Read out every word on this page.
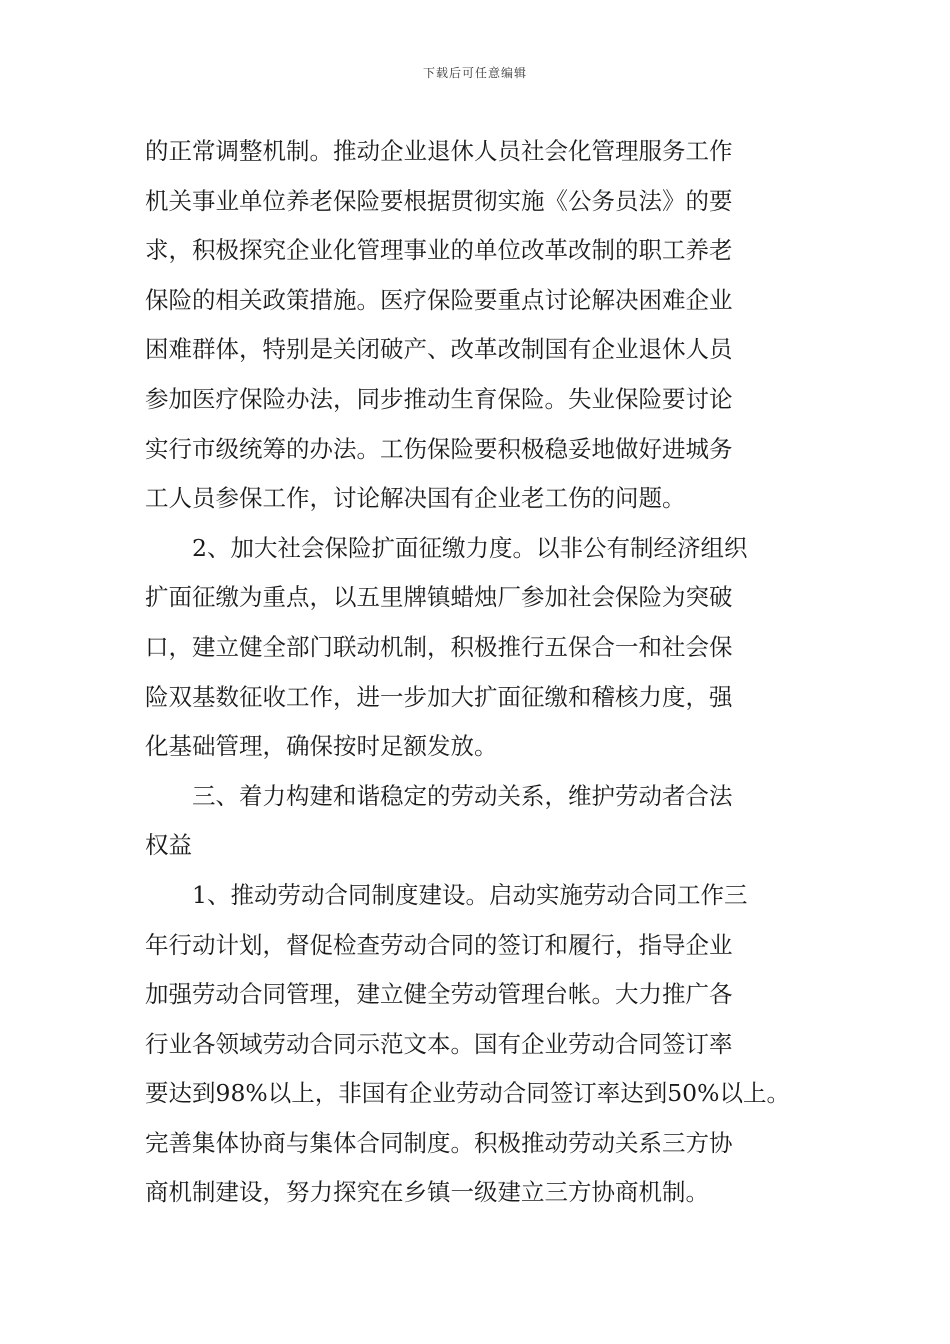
下载后可任意编辑
的正常调整机制。推动企业退休人员社会化管理服务工作
机关事业单位养老保险要根据贯彻实施《公务员法》的要
求，积极探究企业化管理事业的单位改革改制的职工养老
保险的相关政策措施。医疗保险要重点讨论解决困难企业
困难群体，特别是关闭破产、改革改制国有企业退休人员
参加医疗保险办法，同步推动生育保险。失业保险要讨论
实行市级统筹的办法。工伤保险要积极稳妥地做好进城务
工人员参保工作，讨论解决国有企业老工伤的问题。
2、加大社会保险扩面征缴力度。以非公有制经济组织
扩面征缴为重点，以五里牌镇蜡烛厂参加社会保险为突破
口，建立健全部门联动机制，积极推行五保合一和社会保
险双基数征收工作，进一步加大扩面征缴和稽核力度，强
化基础管理，确保按时足额发放。
三、着力构建和谐稳定的劳动关系，维护劳动者合法
权益
1、推动劳动合同制度建设。启动实施劳动合同工作三
年行动计划，督促检查劳动合同的签订和履行，指导企业
加强劳动合同管理，建立健全劳动管理台帐。大力推广各
行业各领域劳动合同示范文本。国有企业劳动合同签订率
要达到98%以上，非国有企业劳动合同签订率达到50%以上。
完善集体协商与集体合同制度。积极推动劳动关系三方协
商机制建设，努力探究在乡镇一级建立三方协商机制。
